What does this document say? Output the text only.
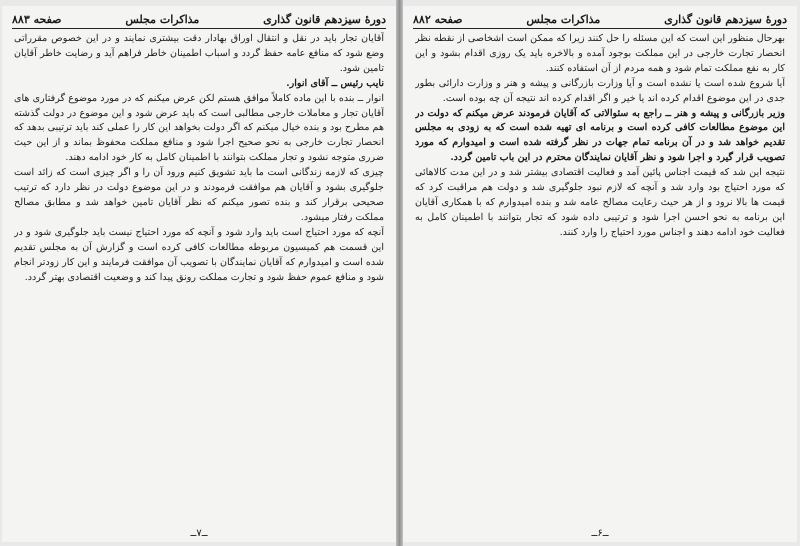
دورهٔ سیزدهم قانون گذاری
مذاکرات مجلس
صفحه ۸۸۳

آقایان تجار باید در نقل و انتقال اوراق بهادار دقت بیشتری نمایند و در این خصوص مقرراتی وضع شود که منافع عامه حفظ گردد و اسباب اطمینان خاطر فراهم آید و رضایت خاطر آقایان تامین شود.

نایب رئیس ــ آقای انوار.

انوار ــ بنده با این ماده کاملاً موافق هستم لکن عرض میکنم که در مورد موضوع گرفتاری های آقایان تجار و معاملات خارجی مطالبی است که باید عرض شود و این موضوع در دولت گذشته هم مطرح بود و بنده خیال میکنم که اگر دولت بخواهد این کار را عملی کند باید ترتیبی بدهد که انحصار تجارت خارجی به نحو صحیح اجرا شود و منافع مملکت محفوظ بماند و از این حیث ضرری متوجه نشود و تجار مملکت بتوانند با اطمینان کامل به کار خود ادامه دهند.

چیزی که لازمه زندگانی است ما باید تشویق کنیم ورود آن را و اگر چیزی است که زائد است جلوگیری بشود و آقایان هم موافقت فرمودند و در این موضوع دولت در نظر دارد که ترتیب صحیحی برقرار کند و بنده تصور میکنم که نظر آقایان تامین خواهد شد و مطابق مصالح مملکت رفتار میشود.

آنچه که مورد احتیاج است باید وارد شود و آنچه که مورد احتیاج نیست باید جلوگیری شود و در این قسمت هم کمیسیون مربوطه مطالعات کافی کرده است و گزارش آن به مجلس تقدیم شده است و امیدوارم که آقایان نمایندگان با تصویب آن موافقت فرمایند و این کار زودتر انجام شود و منافع عموم حفظ شود و تجارت مملکت رونق پیدا کند و وضعیت اقتصادی بهتر گردد.

ــ۷ــ
دورهٔ سیزدهم قانون گذاری
مذاکرات مجلس
صفحه ۸۸۲

بهرحال منظور این است که این مسئله را حل کنند زیرا که ممکن است اشخاصی از نقطه نظر انحصار تجارت خارجی در این مملکت بوجود آمده و بالاخره باید یک روزی اقدام بشود و این کار به نفع مملکت تمام شود و همه مردم از آن استفاده کنند.

آیا شروع شده است یا نشده است و آیا وزارت بازرگانی و پیشه و هنر و وزارت دارائی بطور جدی در این موضوع اقدام کرده اند یا خیر و اگر اقدام کرده اند نتیجه آن چه بوده است.

وزیر بازرگانی و پیشه و هنر ــ راجع به سئوالاتی که آقایان فرمودند عرض میکنم که دولت در این موضوع مطالعات کافی کرده است و برنامه ای تهیه شده است که به زودی به مجلس تقدیم خواهد شد و در آن برنامه تمام جهات در نظر گرفته شده است و امیدوارم که مورد تصویب قرار گیرد و اجرا شود و نظر آقایان نمایندگان محترم در این باب تامین گردد.

نتیجه این شد که قیمت اجناس پائین آمد و فعالیت اقتصادی بیشتر شد و در این مدت کالاهائی که مورد احتیاج بود وارد شد و آنچه که لازم نبود جلوگیری شد و دولت هم مراقبت کرد که قیمت ها بالا نرود و از هر حیث رعایت مصالح عامه شد و بنده امیدوارم که با همکاری آقایان این برنامه به نحو احسن اجرا شود و ترتیبی داده شود که تجار بتوانند با اطمینان کامل به فعالیت خود ادامه دهند و اجناس مورد احتیاج را وارد کنند.

ــ۶ــ
